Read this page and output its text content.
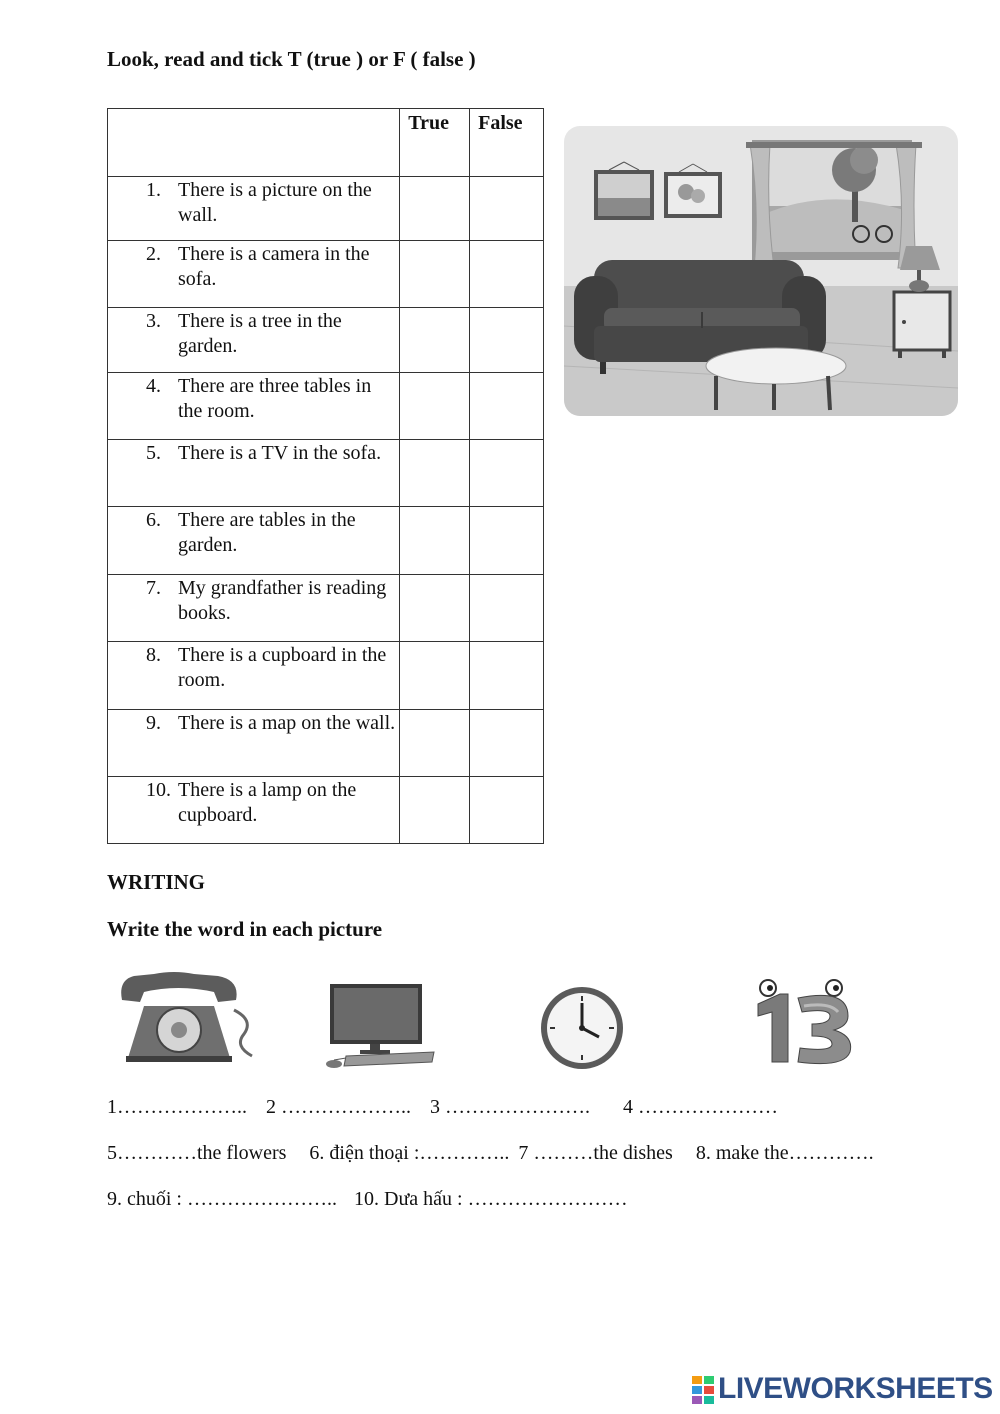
Look, read and tick T (true ) or F ( false )
	True	False

1. There is a picture on the wall.		

2. There is a camera in the sofa.		

3. There is a tree in the garden.		

4. There are three tables in the room.		

5. There is a TV in the sofa.		

6. There are tables in the garden.		

7. My grandfather is reading books.		

8. There is a cupboard in the room.		

9. There is a map on the wall.		

10. There is a lamp on the cupboard.		

WRITING
Write the word in each picture
1……………….. 2 ……………….. 3 …………………. 4 …………………
5…………the flowers 6. điện thoại :………….. 7 ………the dishes 8. make the………….
9. chuối : ………………….. 10. Dưa hấu : ……………………
LIVEWORKSHEETS
